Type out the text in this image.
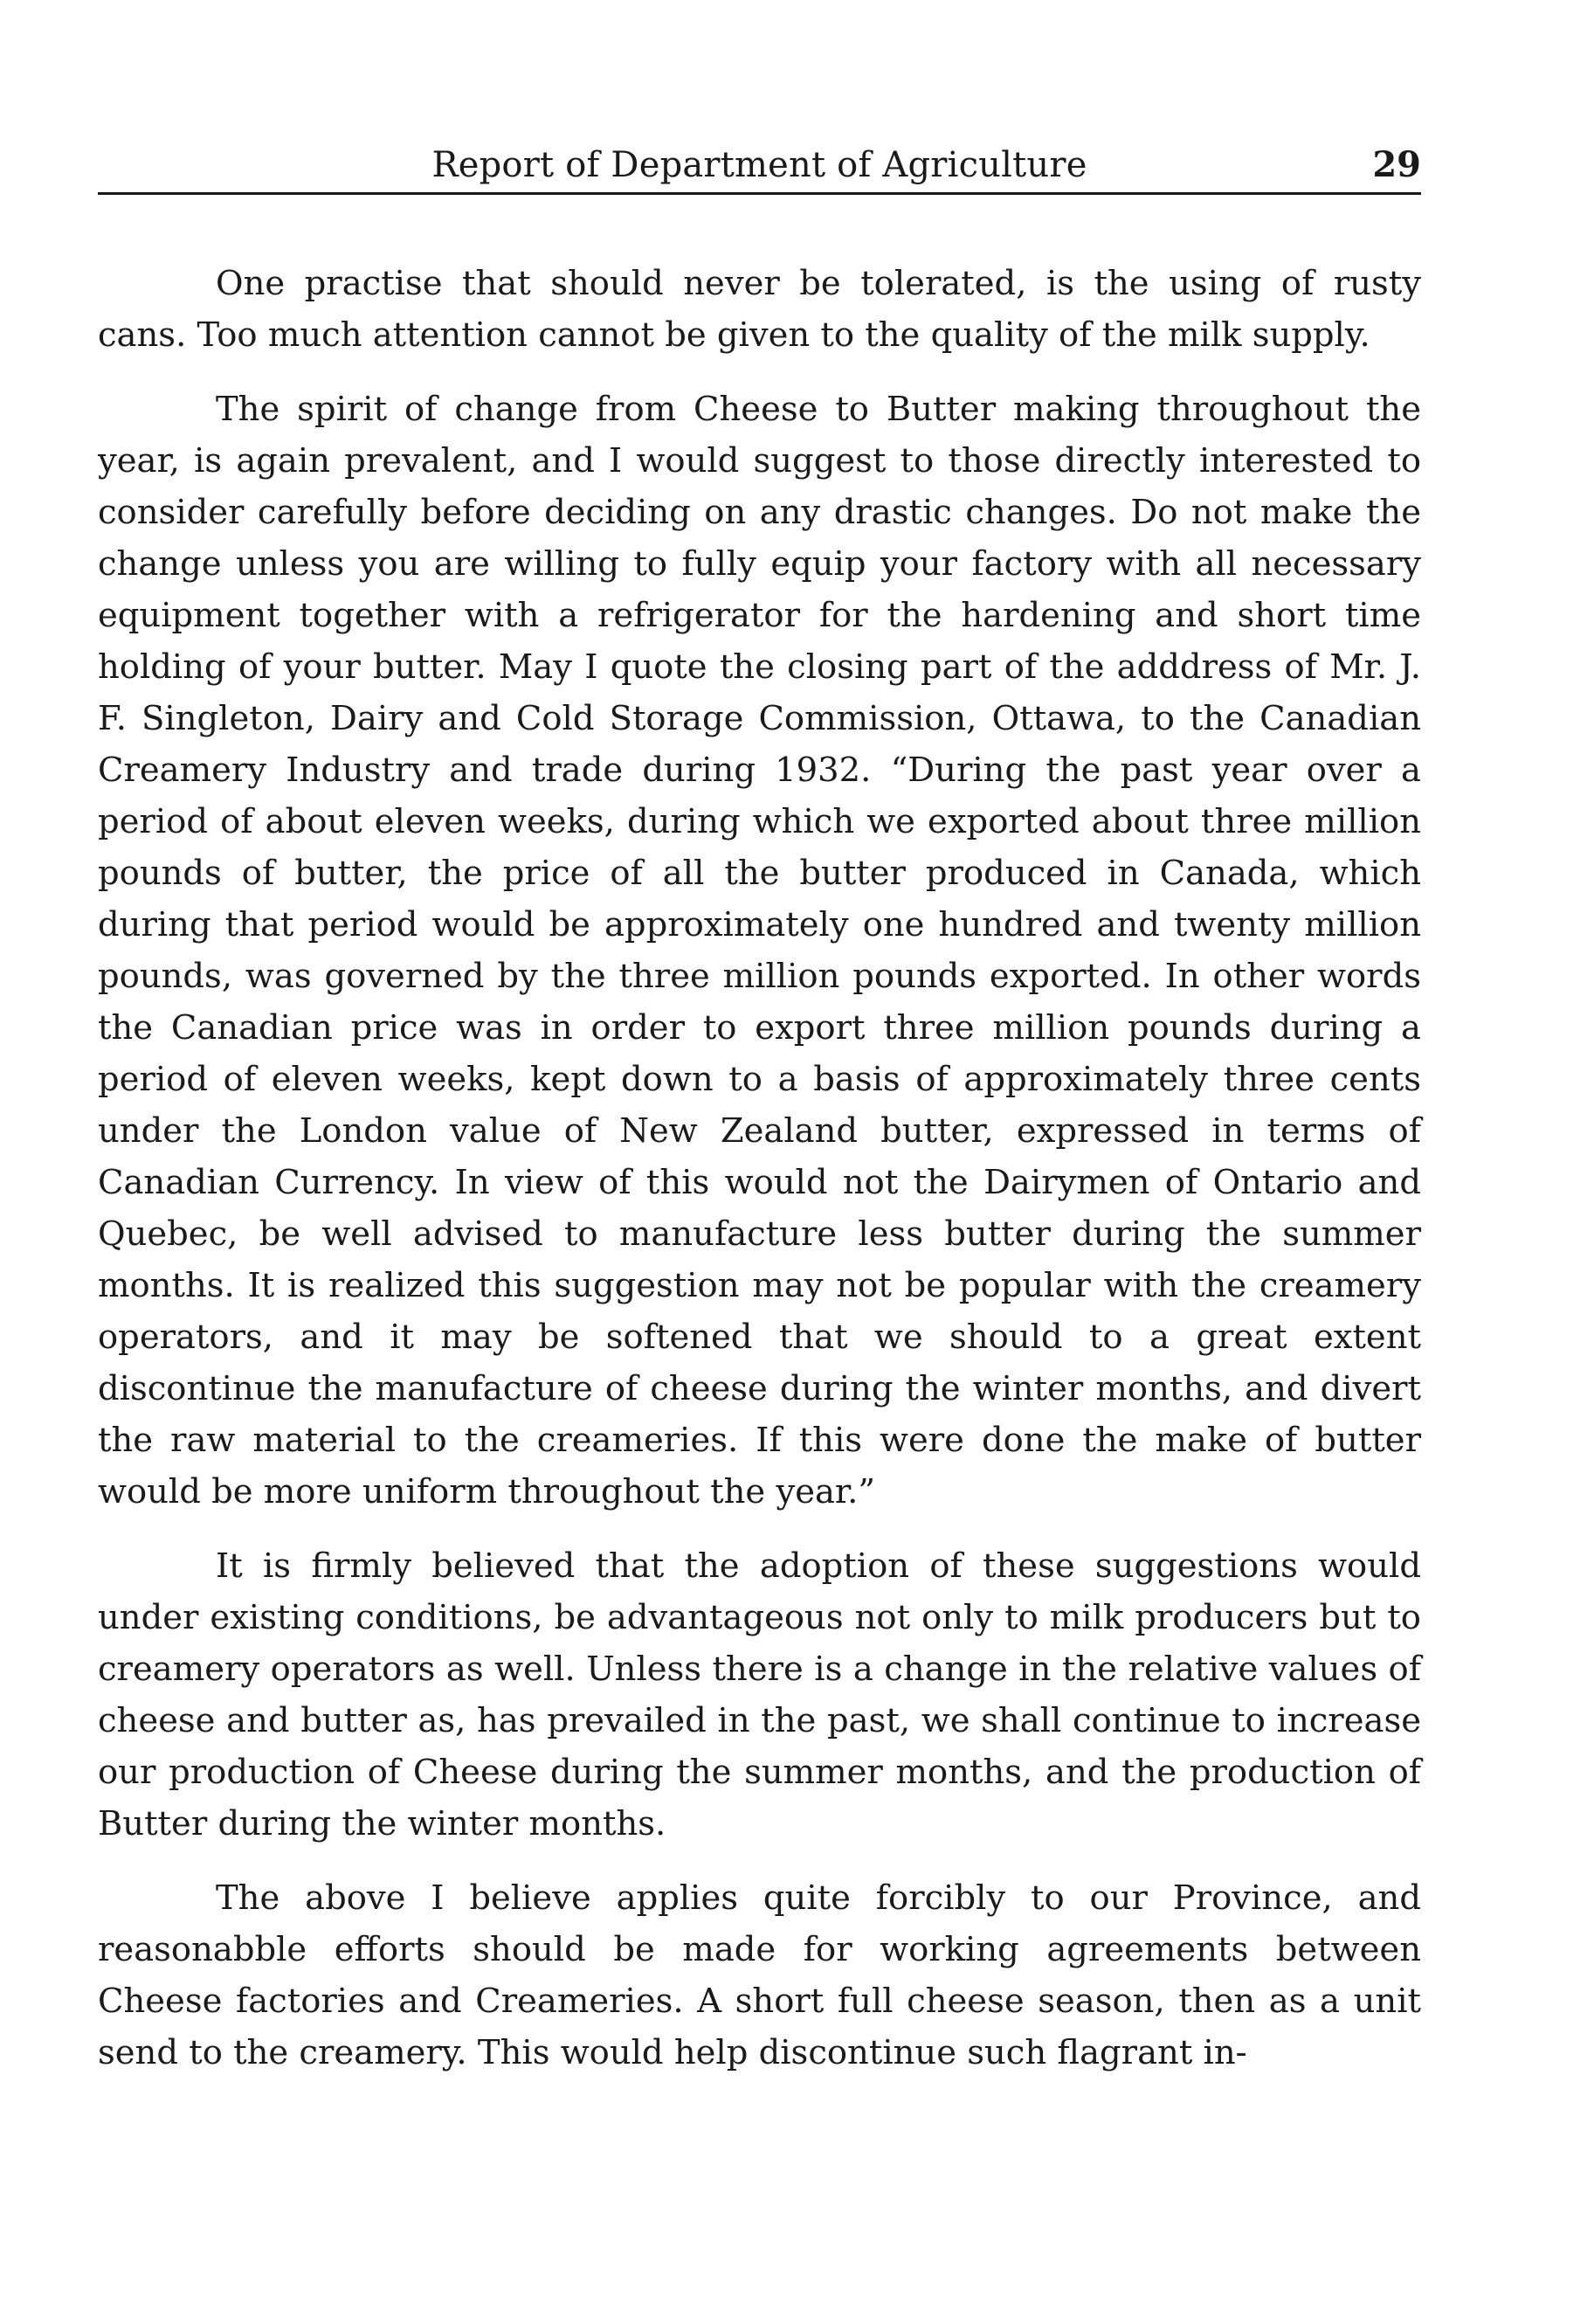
Report of Department of Agriculture	29

One practise that should never be tolerated, is the using of rusty cans. Too much attention cannot be given to the quality of the milk supply.

The spirit of change from Cheese to Butter making throughout the year, is again prevalent, and I would suggest to those directly interested to consider carefully before deciding on any drastic changes. Do not make the change unless you are willing to fully equip your factory with all necessary equipment together with a refrigerator for the hardening and short time holding of your butter. May I quote the closing part of the adddress of Mr. J. F. Singleton, Dairy and Cold Storage Commission, Ottawa, to the Canadian Creamery Industry and trade during 1932. “During the past year over a period of about eleven weeks, during which we exported about three million pounds of butter, the price of all the butter produced in Canada, which during that period would be approximately one hundred and twenty million pounds, was governed by the three million pounds exported. In other words the Canadian price was in order to export three million pounds during a period of eleven weeks, kept down to a basis of approximately three cents under the London value of New Zealand butter, expressed in terms of Canadian Currency. In view of this would not the Dairymen of Ontario and Quebec, be well advised to manufacture less butter during the summer months. It is realized this suggestion may not be popular with the creamery operators, and it may be softened that we should to a great extent discontinue the manufacture of cheese during the winter months, and divert the raw material to the creameries. If this were done the make of butter would be more uniform throughout the year.”

It is firmly believed that the adoption of these suggestions would under existing conditions, be advantageous not only to milk producers but to creamery operators as well. Unless there is a change in the relative values of cheese and butter as, has prevailed in the past, we shall continue to increase our production of Cheese during the summer months, and the production of Butter during the winter months.

The above I believe applies quite forcibly to our Province, and reasonabble efforts should be made for working agreements between Cheese factories and Creameries. A short full cheese season, then as a unit send to the creamery. This would help discontinue such flagrant in-
